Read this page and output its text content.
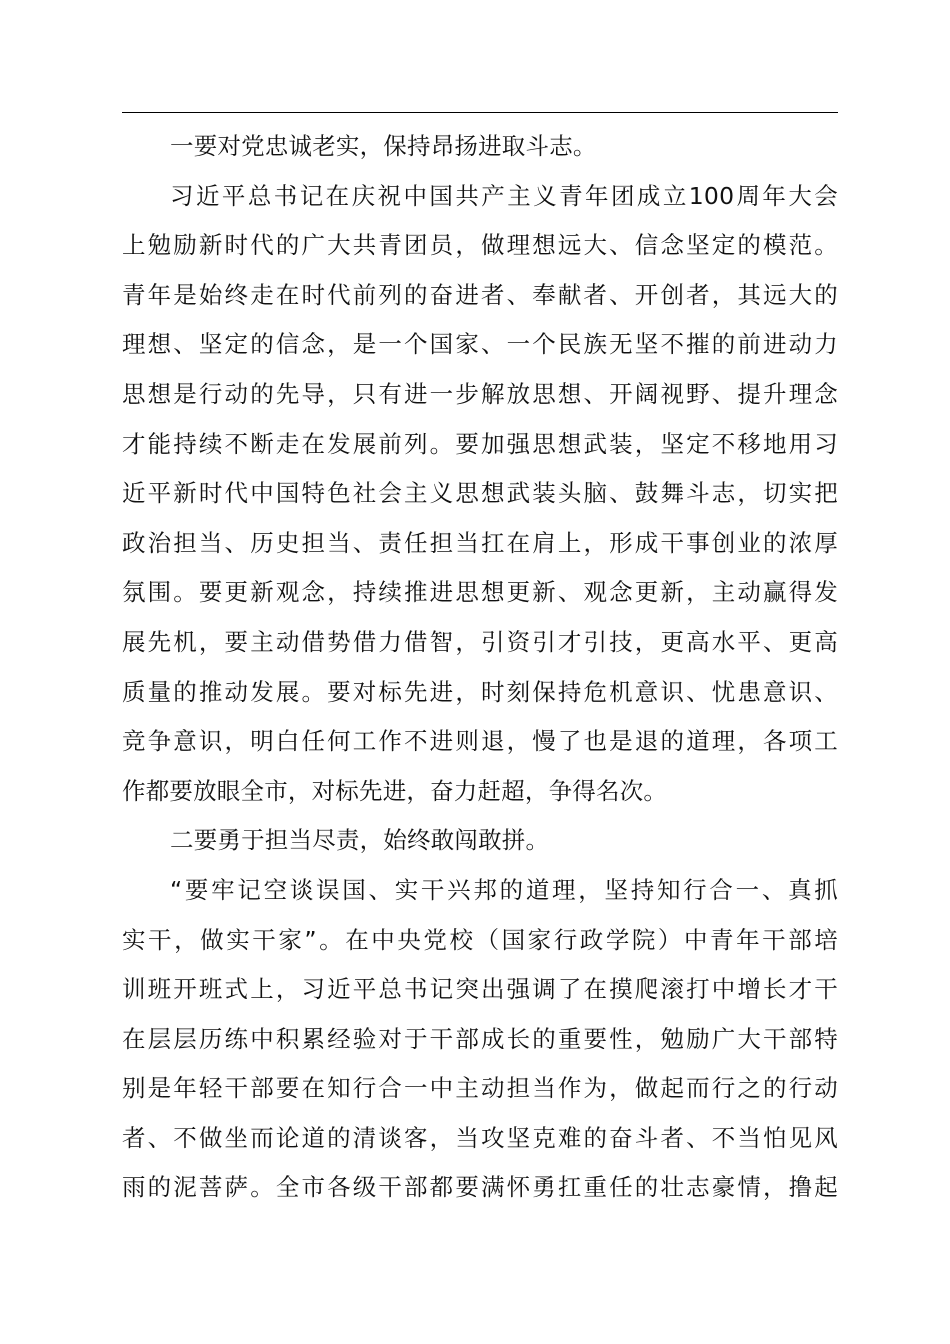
一要对党忠诚老实，保持昂扬进取斗志。
习近平总书记在庆祝中国共产主义青年团成立100周年大会
上勉励新时代的广大共青团员，做理想远大、信念坚定的模范。
青年是始终走在时代前列的奋进者、奉献者、开创者，其远大的
理想、坚定的信念，是一个国家、一个民族无坚不摧的前进动力
思想是行动的先导，只有进一步解放思想、开阔视野、提升理念
才能持续不断走在发展前列。要加强思想武装，坚定不移地用习
近平新时代中国特色社会主义思想武装头脑、鼓舞斗志，切实把
政治担当、历史担当、责任担当扛在肩上，形成干事创业的浓厚
氛围。要更新观念，持续推进思想更新、观念更新，主动赢得发
展先机，要主动借势借力借智，引资引才引技，更高水平、更高
质量的推动发展。要对标先进，时刻保持危机意识、忧患意识、
竞争意识，明白任何工作不进则退，慢了也是退的道理，各项工
作都要放眼全市，对标先进，奋力赶超，争得名次。
二要勇于担当尽责，始终敢闯敢拼。
“要牢记空谈误国、实干兴邦的道理，坚持知行合一、真抓
实干，做实干家”。在中央党校（国家行政学院）中青年干部培
训班开班式上，习近平总书记突出强调了在摸爬滚打中增长才干
在层层历练中积累经验对于干部成长的重要性，勉励广大干部特
别是年轻干部要在知行合一中主动担当作为，做起而行之的行动
者、不做坐而论道的清谈客，当攻坚克难的奋斗者、不当怕见风
雨的泥菩萨。全市各级干部都要满怀勇扛重任的壮志豪情，撸起
